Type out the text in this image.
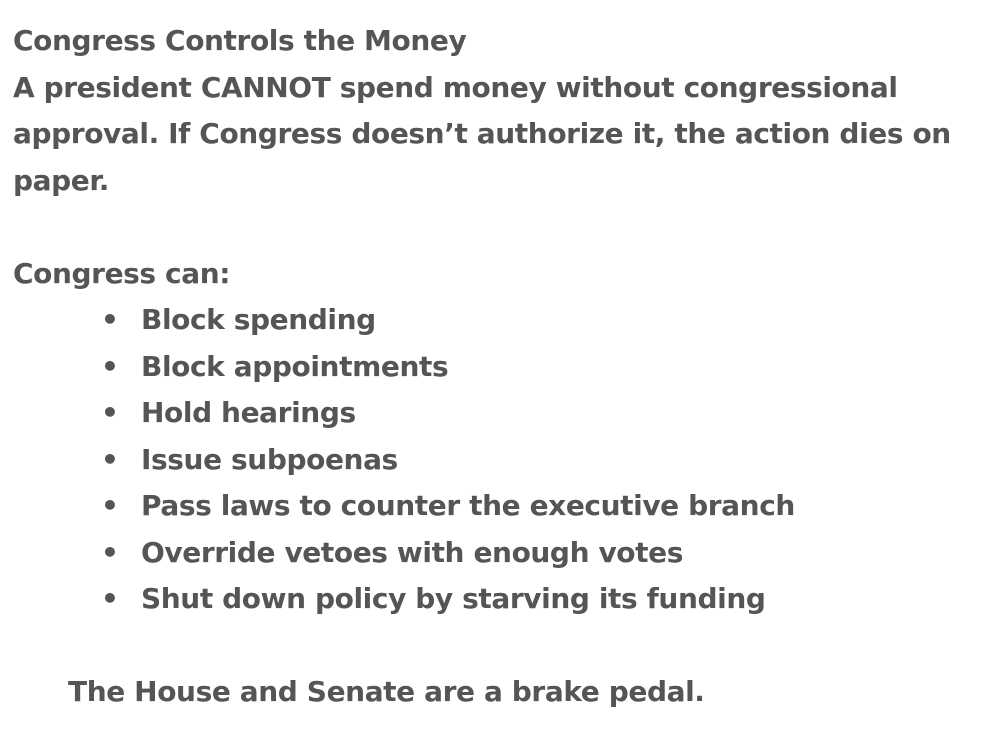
Congress Controls the Money
A president CANNOT spend money without congressional
approval. If Congress doesn’t authorize it, the action dies on
paper.
Congress can:
• Block spending
• Block appointments
• Hold hearings
• Issue subpoenas
• Pass laws to counter the executive branch
• Override vetoes with enough votes
• Shut down policy by starving its funding
The House and Senate are a brake pedal.
